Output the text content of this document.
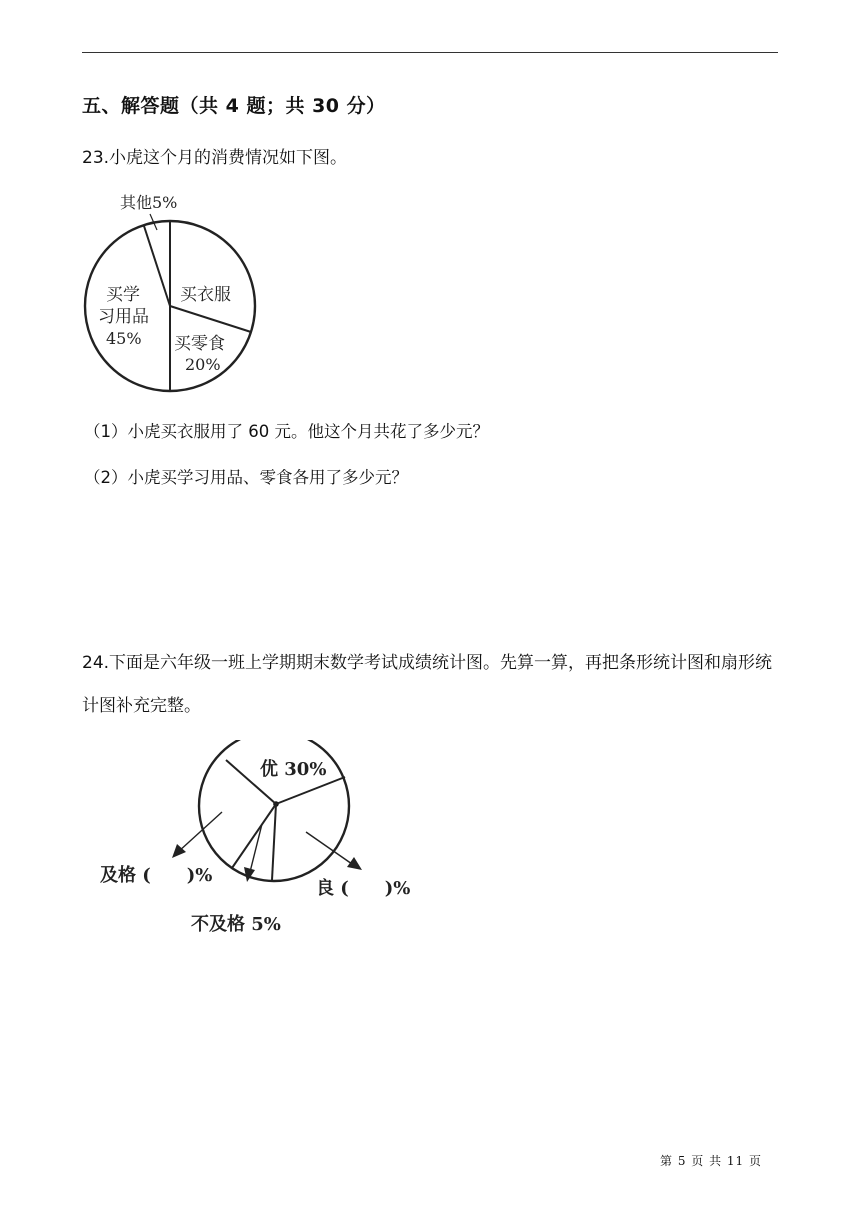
五、解答题（共 4 题；共 30 分）
23.小虎这个月的消费情况如下图。
其他5%
买衣服
买学
习用品
45% 买零食
20%
（1）小虎买衣服用了 60 元。他这个月共花了多少元？
（2）小虎买学习用品、零食各用了多少元？
24.下面是六年级一班上学期期末数学考试成绩统计图。先算一算，再把条形统计图和扇形统计图补充完整。
优 30%
及格 (　　)%
不及格 5%
良 (　　)%
第 5 页 共 11 页
